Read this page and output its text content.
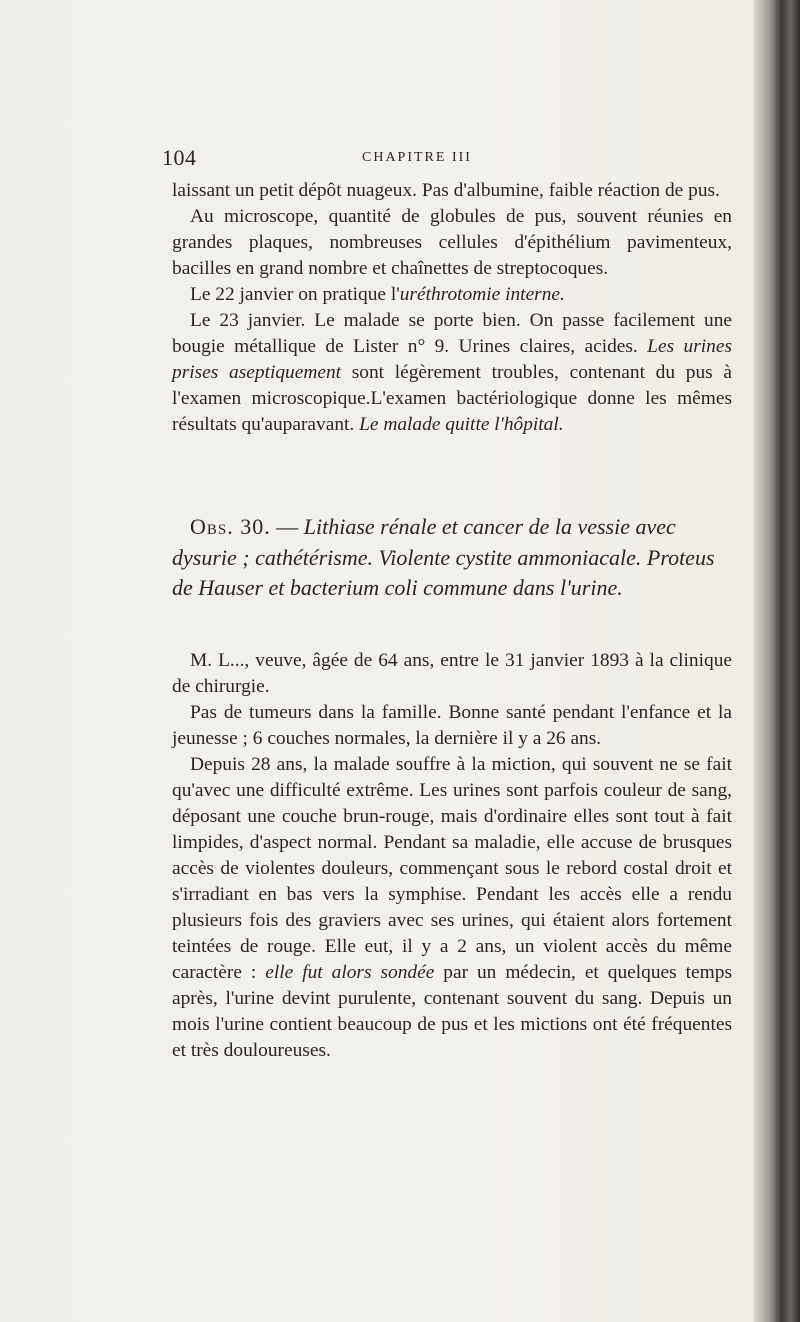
104	CHAPITRE III

laissant un petit dépôt nuageux. Pas d'albumine, faible réaction de pus.

Au microscope, quantité de globules de pus, souvent réunies en grandes plaques, nombreuses cellules d'épithélium pavimenteux, bacilles en grand nombre et chaînettes de streptocoques.

Le 22 janvier on pratique l'uréthrotomie interne.

Le 23 janvier. Le malade se porte bien. On passe facilement une bougie métallique de Lister n° 9. Urines claires, acides. Les urines prises aseptiquement sont légèrement troubles, contenant du pus à l'examen microscopique.L'examen bactériologique donne les mêmes résultats qu'auparavant. Le malade quitte l'hôpital.

Obs. 30. — Lithiase rénale et cancer de la vessie avec dysurie ; cathétérisme. Violente cystite ammoniacale. Proteus de Hauser et bacterium coli commune dans l'urine.

M. L..., veuve, âgée de 64 ans, entre le 31 janvier 1893 à la clinique de chirurgie.

Pas de tumeurs dans la famille. Bonne santé pendant l'enfance et la jeunesse ; 6 couches normales, la dernière il y a 26 ans.

Depuis 28 ans, la malade souffre à la miction, qui souvent ne se fait qu'avec une difficulté extrême. Les urines sont parfois couleur de sang, déposant une couche brun-rouge, mais d'ordinaire elles sont tout à fait limpides, d'aspect normal. Pendant sa maladie, elle accuse de brusques accès de violentes douleurs, commençant sous le rebord costal droit et s'irradiant en bas vers la symphise. Pendant les accès elle a rendu plusieurs fois des graviers avec ses urines, qui étaient alors fortement teintées de rouge. Elle eut, il y a 2 ans, un violent accès du même caractère : elle fut alors sondée par un médecin, et quelques temps après, l'urine devint purulente, contenant souvent du sang. Depuis un mois l'urine contient beaucoup de pus et les mictions ont été fréquentes et très douloureuses.
